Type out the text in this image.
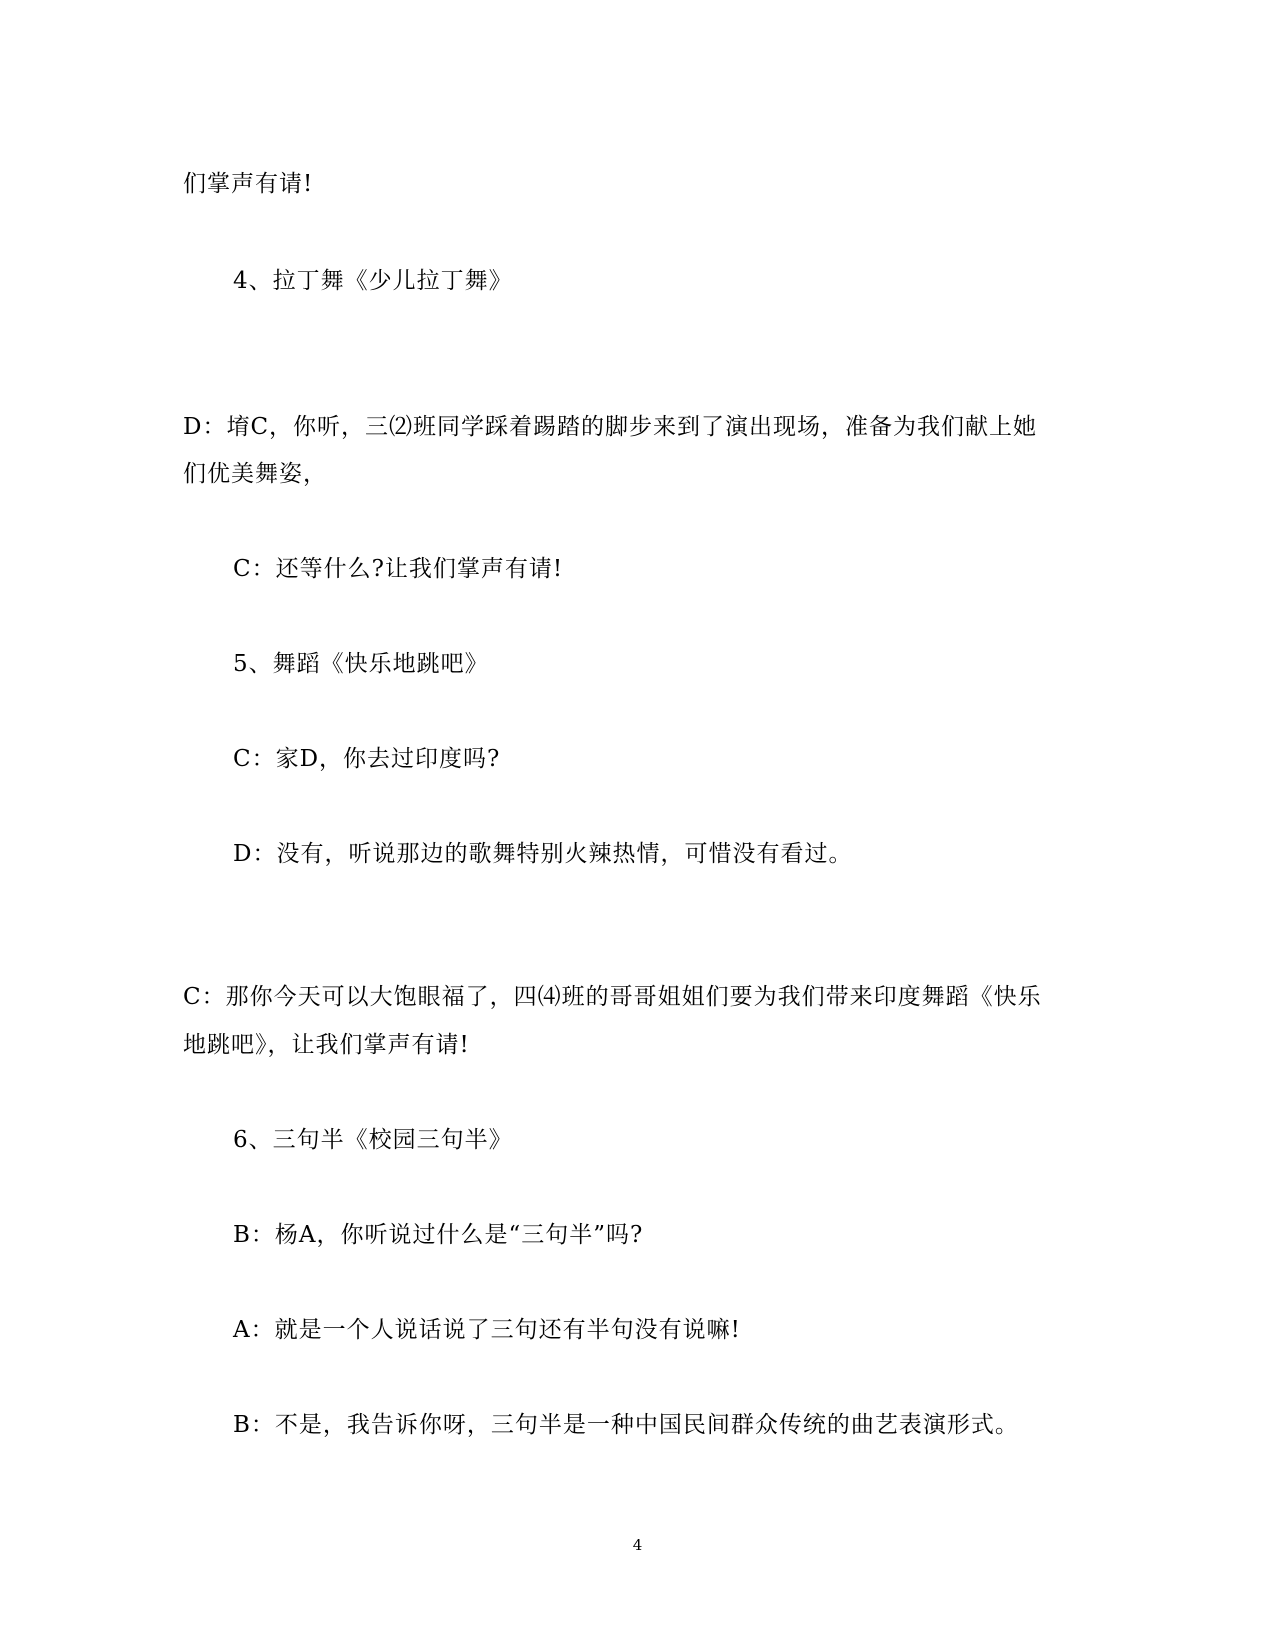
们掌声有请!
4、拉丁舞《少儿拉丁舞》
D：堉C，你听，三⑵班同学踩着踢踏的脚步来到了演出现场，准备为我们献上她
们优美舞姿，
C：还等什么?让我们掌声有请!
5、舞蹈《快乐地跳吧》
C：家D，你去过印度吗?
D：没有，听说那边的歌舞特别火辣热情，可惜没有看过。
C：那你今天可以大饱眼福了，四⑷班的哥哥姐姐们要为我们带来印度舞蹈《快乐
地跳吧》，让我们掌声有请!
6、三句半《校园三句半》
B：杨A，你听说过什么是“三句半”吗?
A：就是一个人说话说了三句还有半句没有说嘛!
B：不是，我告诉你呀，三句半是一种中国民间群众传统的曲艺表演形式。
4
